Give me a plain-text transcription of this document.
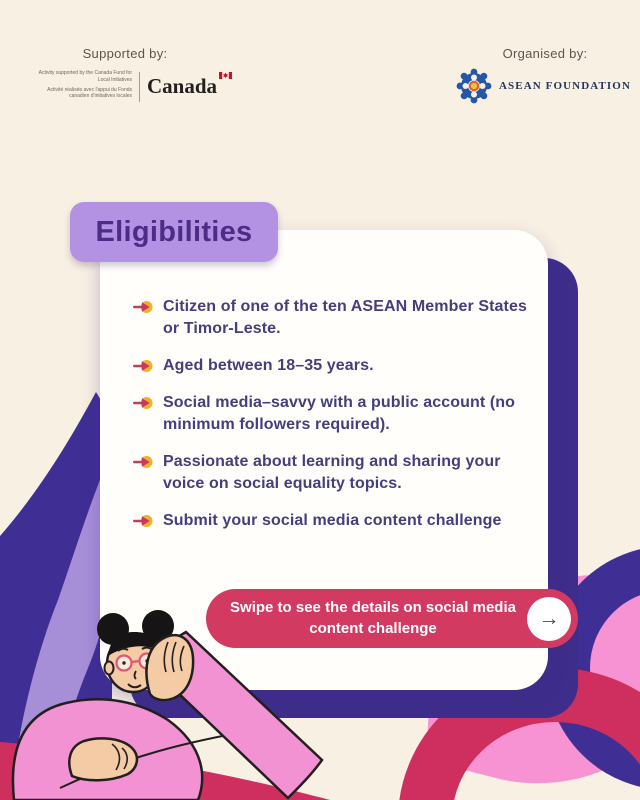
Supported by:

Activity supported by the Canada Fund for Local Initiatives

Activité réalisée avec l'appui du Fonds canadien d'initiatives locales Canada
Organised by:
ASEAN FOUNDATION
Eligibilities
Citizen of one of the ten ASEAN Member States or Timor-Leste.
Aged between 18–35 years.
Social media–savvy with a public account (no minimum followers required).
Passionate about learning and sharing your voice on social equality topics.
Submit your social media content challenge
Swipe to see the details on social media content challenge	→
